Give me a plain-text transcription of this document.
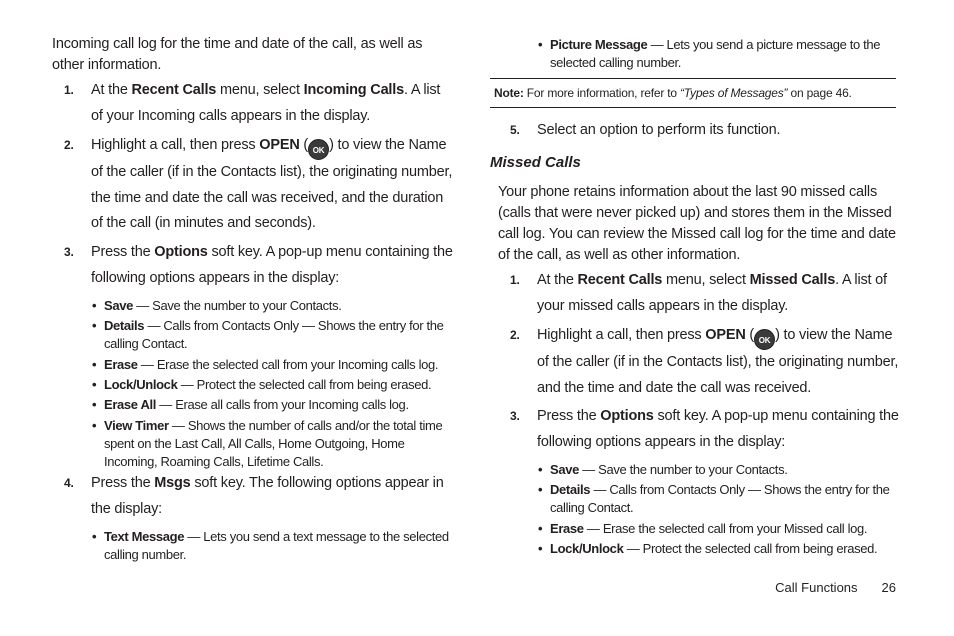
Incoming call log for the time and date of the call, as well as other information.
1. At the Recent Calls menu, select Incoming Calls. A list of your Incoming calls appears in the display.
2. Highlight a call, then press OPEN ( OK ) to view the Name of the caller (if in the Contacts list), the originating number, the time and date the call was received, and the duration of the call (in minutes and seconds).
3. Press the Options soft key. A pop-up menu containing the following options appears in the display:
• Save — Save the number to your Contacts.
• Details — Calls from Contacts Only — Shows the entry for the calling Contact.
• Erase — Erase the selected call from your Incoming calls log.
• Lock/Unlock — Protect the selected call from being erased.
• Erase All — Erase all calls from your Incoming calls log.
• View Timer — Shows the number of calls and/or the total time spent on the Last Call, All Calls, Home Outgoing, Home Incoming, Roaming Calls, Lifetime Calls.
4. Press the Msgs soft key. The following options appear in the display:
• Text Message — Lets you send a text message to the selected calling number.
• Picture Message — Lets you send a picture message to the selected calling number.
Note: For more information, refer to “Types of Messages” on page 46.
5. Select an option to perform its function.
Missed Calls
Your phone retains information about the last 90 missed calls (calls that were never picked up) and stores them in the Missed call log. You can review the Missed call log for the time and date of the call, as well as other information.
1. At the Recent Calls menu, select Missed Calls. A list of your missed calls appears in the display.
2. Highlight a call, then press OPEN ( OK ) to view the Name of the caller (if in the Contacts list), the originating number, and the time and date the call was received.
3. Press the Options soft key. A pop-up menu containing the following options appears in the display:
• Save — Save the number to your Contacts.
• Details — Calls from Contacts Only — Shows the entry for the calling Contact.
• Erase — Erase the selected call from your Missed call log.
• Lock/Unlock — Protect the selected call from being erased.
Call Functions 26
